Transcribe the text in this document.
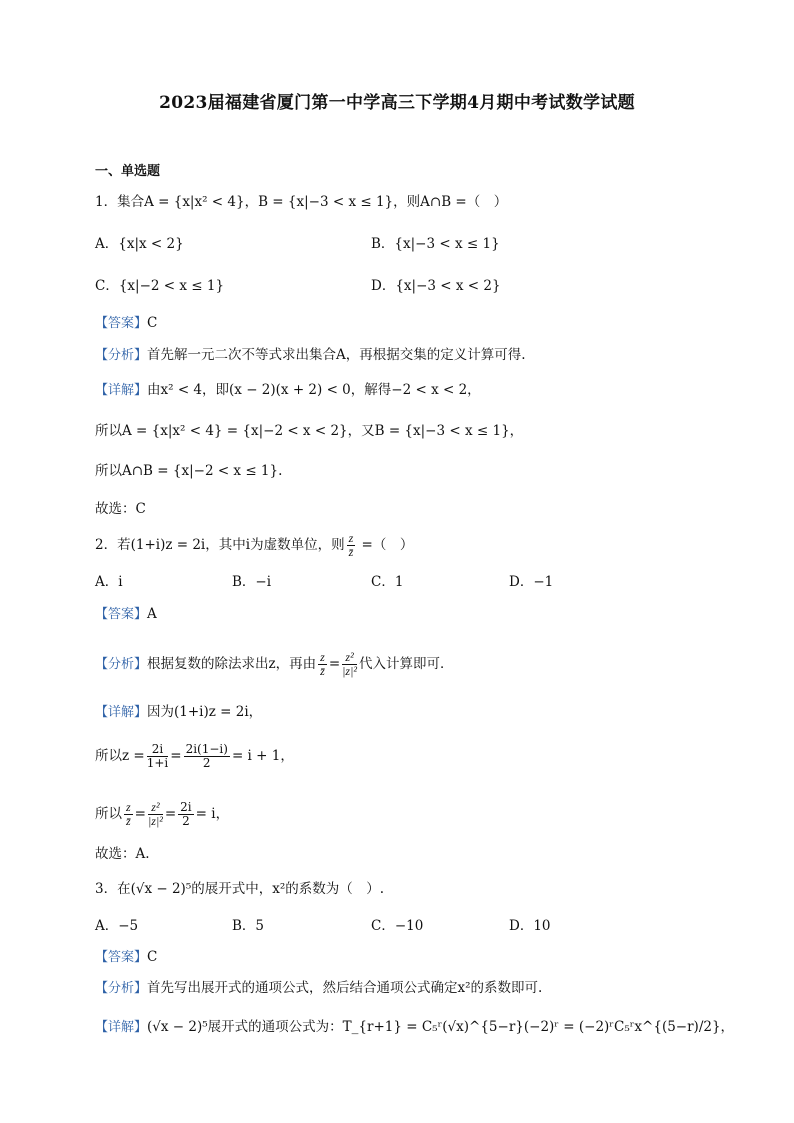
2023届福建省厦门第一中学高三下学期4月期中考试数学试题
一、单选题
1．集合A = {x|x² < 4}，B = {x|−3 < x ≤ 1}，则A∩B =（　）
A．{x|x < 2}	B．{x|−3 < x ≤ 1}
C．{x|−2 < x ≤ 1}	D．{x|−3 < x < 2}
【答案】C
【分析】首先解一元二次不等式求出集合A，再根据交集的定义计算可得.
【详解】由x² < 4，即(x − 2)(x + 2) < 0，解得−2 < x < 2，
所以A = {x|x² < 4} = {x|−2 < x < 2}，又B = {x|−3 < x ≤ 1}，
所以A∩B = {x|−2 < x ≤ 1}.
故选：C
2．若(1+i)z = 2i，其中i为虚数单位，则 $\frac{z}{z̄}$ =（　）
A．i	B．−i	C．1	D．−1
【答案】A
【分析】根据复数的除法求出z，再由 $\frac{z}{z̄} = \frac{\text{z²}}{\text{|z|²}}$ 代入计算即可．
【详解】因为(1+i)z = 2i，
所以$z = \frac{2i}{1+i} = \frac{2i(1-i)}{2} = i + 1$，
所以 $\frac{z}{z̄} = \frac{\text{z²}}{\text{|z|²}} = \frac{2i}{2} = i$，
故选：A.
3．在(√x − 2)⁵的展开式中，x²的系数为（　）.
A．−5	B．5	C．−10	D．10
【答案】C
【分析】首先写出展开式的通项公式，然后结合通项公式确定x²的系数即可.
【详解】(√x − 2)⁵展开式的通项公式为：T_{r+1} = C₅ʳ(√x)^{5−r}(−2)ʳ = (−2)ʳC₅ʳx^{(5−r)/2}，
